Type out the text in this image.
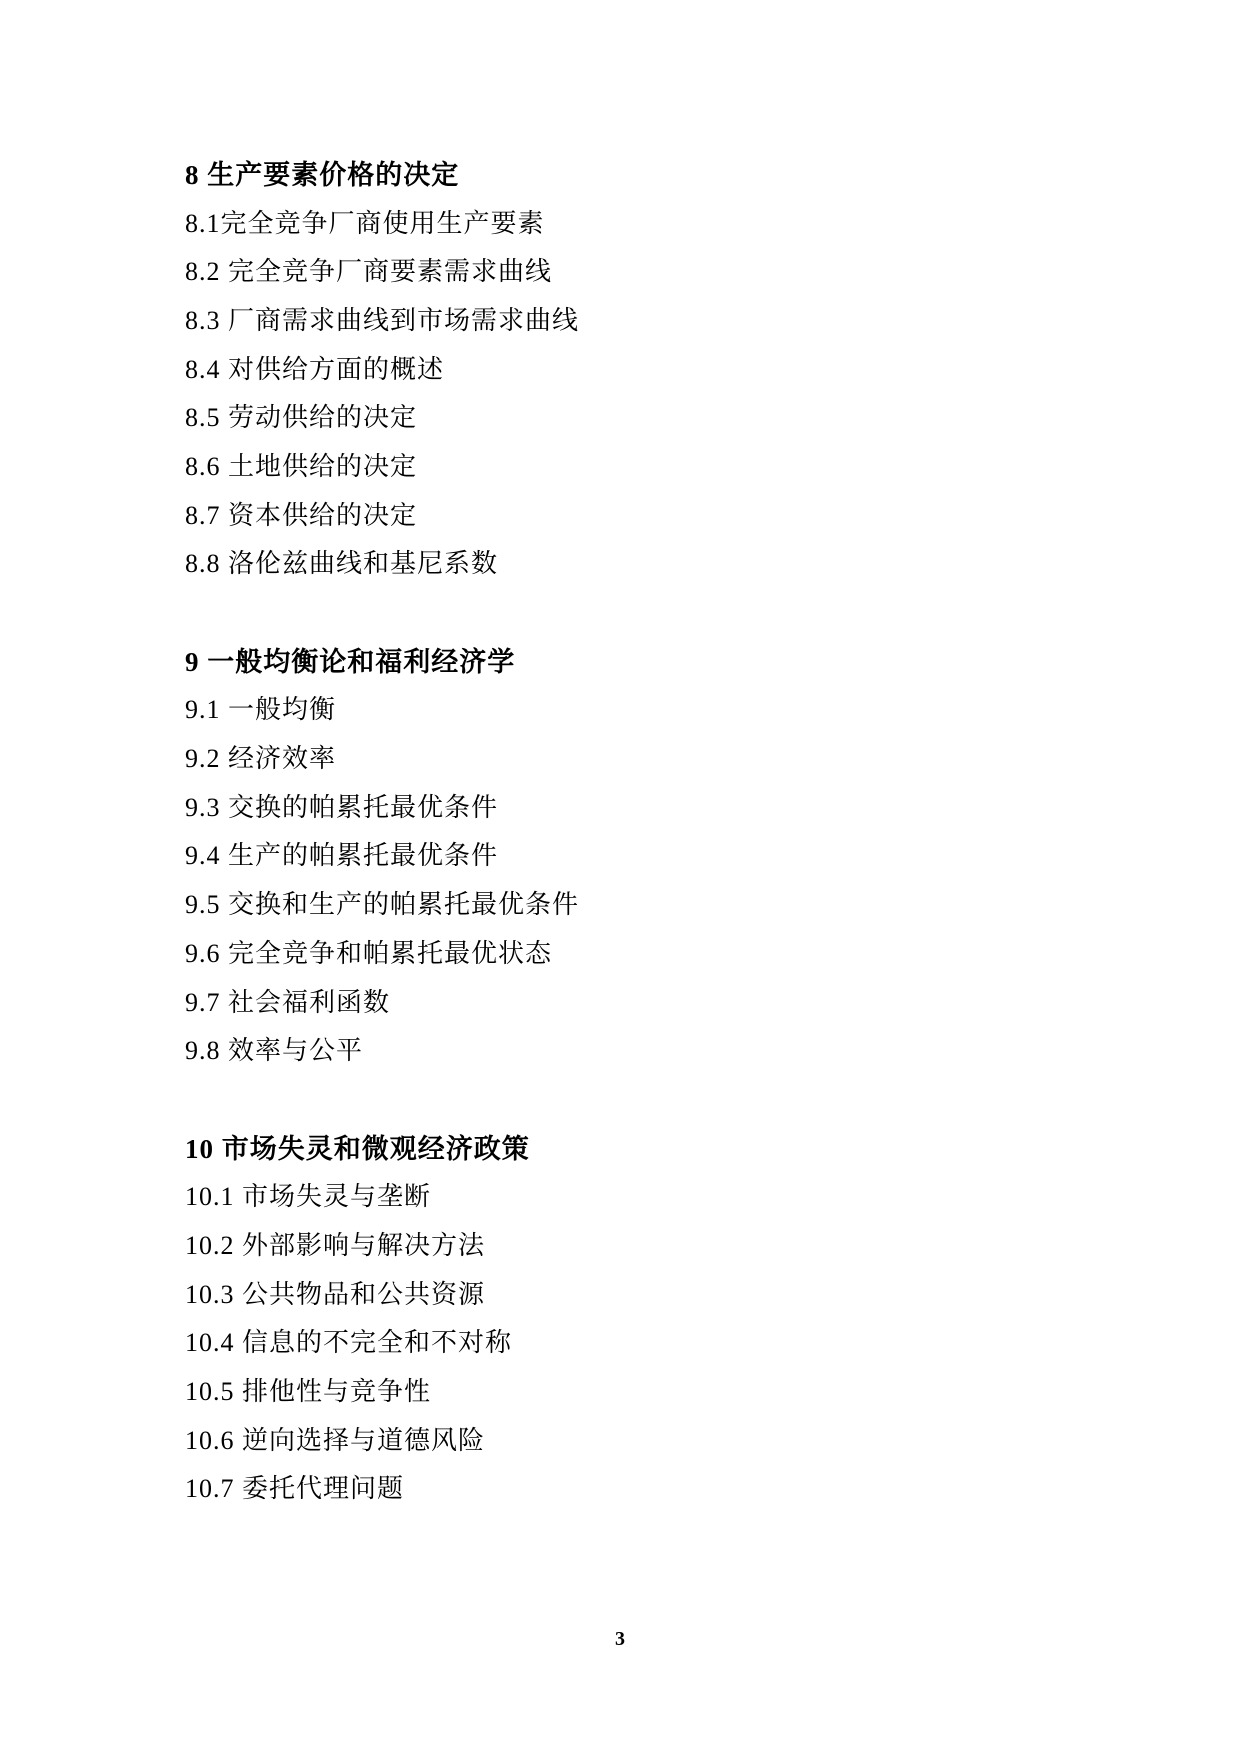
8 生产要素价格的决定
8.1完全竞争厂商使用生产要素
8.2 完全竞争厂商要素需求曲线
8.3 厂商需求曲线到市场需求曲线
8.4 对供给方面的概述
8.5 劳动供给的决定
8.6 土地供给的决定
8.7 资本供给的决定
8.8 洛伦兹曲线和基尼系数
9 一般均衡论和福利经济学
9.1 一般均衡
9.2 经济效率
9.3 交换的帕累托最优条件
9.4 生产的帕累托最优条件
9.5 交换和生产的帕累托最优条件
9.6 完全竞争和帕累托最优状态
9.7 社会福利函数
9.8 效率与公平
10 市场失灵和微观经济政策
10.1 市场失灵与垄断
10.2 外部影响与解决方法
10.3 公共物品和公共资源
10.4 信息的不完全和不对称
10.5 排他性与竞争性
10.6 逆向选择与道德风险
10.7 委托代理问题
3
